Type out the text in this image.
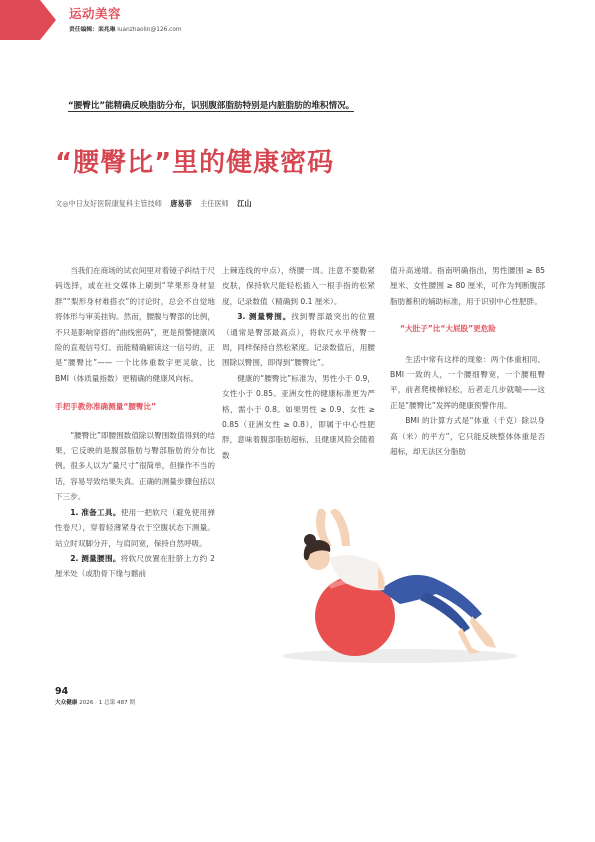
运动美容
责任编辑：栾兆琳 luanzhaolin@126.com
“腰臀比”能精确反映脂肪分布，识别腹部脂肪特别是内脏脂肪的堆积情况。
“腰臀比”里的健康密码
文◎中日友好医院康复科主管技师 唐易菲 主任医师 江山

当我们在商场的试衣间里对着镜子纠结于尺码选择，或在社交媒体上刷到“苹果形身材显胖”“梨形身材难搭衣”的讨论时，总会不自觉地将体形与审美挂钩。然而，腰腹与臀部的比例，不只是影响穿搭的“曲线密码”，更是预警健康风险的直观信号灯。而能精确解读这一信号的，正是“腰臀比”—— 一个比体重数字更灵敏、比 BMI（体质量指数）更精确的健康风向标。

手把手教你准确测量“腰臀比”

“腰臀比”即腰围数值除以臀围数值得到的结果，它反映的是腹部脂肪与臀部脂肪的分布比例。很多人以为“量尺寸”很简单，但操作不当的话，容易导致结果失真。正确的测量步骤包括以下三步。

1. 准备工具。使用一把软尺（避免使用弹性卷尺），穿着轻薄紧身衣于空腹状态下测量。站立时双脚分开，与肩同宽，保持自然呼吸。

2. 测量腰围。将软尺放置在肚脐上方约 2 厘米处（或肋骨下缘与髂前

上棘连线的中点），绕腰一周。注意不要勒紧皮肤，保持软尺能轻松插入一根手指的松紧度，记录数值（精确到 0.1 厘米）。

3. 测量臀围。找到臀部最突出的位置（通常是臀部最高点），将软尺水平绕臀一周，同样保持自然松紧度。记录数值后，用腰围除以臀围，即得到“腰臀比”。

健康的“腰臀比”标准为，男性小于 0.9，女性小于 0.85。亚洲女性的健康标准更为严格，需小于 0.8。如果男性 ≥ 0.9、女性 ≥ 0.85（亚洲女性 ≥ 0.8），即属于中心性肥胖，意味着腹部脂肪超标，且健康风险会随着数

值升高递增。指南明确指出，男性腰围 ≥ 85 厘米、女性腰围 ≥ 80 厘米，可作为判断腹部脂肪蓄积的辅助标准，用于识别中心性肥胖。

“大肚子”比“大屁股”更危险

生活中常有这样的现象：两个体重相同、BMI 一致的人，一个腰细臀宽，一个腰粗臀平，前者爬楼梯轻松，后者走几步就喘——这正是“腰臀比”发挥的健康预警作用。

BMI 的计算方式是“体重（千克）除以身高（米）的平方”，它只能反映整体体重是否超标，却无法区分脂肪

94
大众健康 2026 · 1 总第 487 期
